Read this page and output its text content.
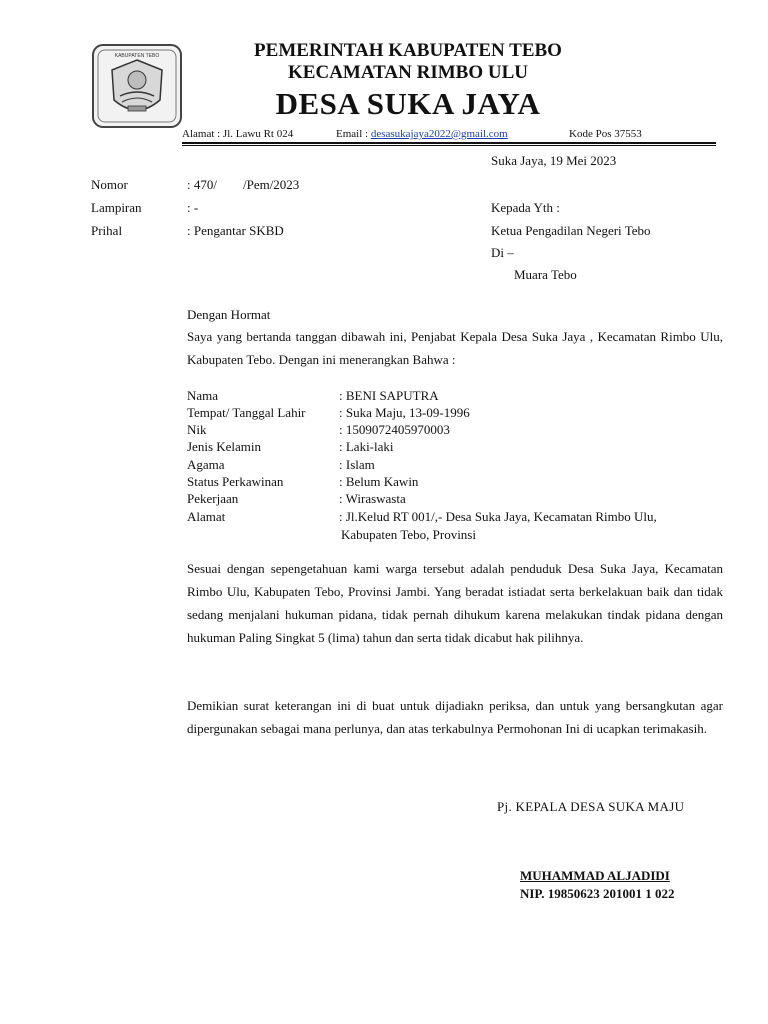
KABUPATEN TEBO	PEMERINTAH KABUPATEN TEBO
KECAMATAN RIMBO ULU
DESA SUKA JAYA
Alamat : Jl. Lawu Rt 024	Email : desasukajaya2022@gmail.com	Kode Pos 37553
Suka Jaya, 19 Mei 2023
Nomor	: 470/        /Pem/2023
Lampiran	: -
Prihal	: Pengantar SKBD
Kepada Yth :
Ketua Pengadilan Negeri Tebo
Di –
Muara Tebo
Dengan Hormat

Saya yang bertanda tanggan dibawah ini, Penjabat Kepala Desa Suka Jaya , Kecamatan Rimbo Ulu, Kabupaten Tebo. Dengan ini menerangkan Bahwa :

Nama	: BENI SAPUTRA
Tempat/ Tanggal Lahir	: Suka Maju, 13-09-1996
Nik	: 1509072405970003
Jenis Kelamin	: Laki-laki
Agama	: Islam
Status Perkawinan	: Belum Kawin
Pekerjaan	: Wiraswasta
Alamat	: Jl.Kelud RT 001/,- Desa Suka Jaya, Kecamatan Rimbo Ulu,
Kabupaten Tebo, Provinsi

Sesuai dengan sepengetahuan kami warga tersebut adalah penduduk Desa Suka Jaya, Kecamatan Rimbo Ulu, Kabupaten Tebo, Provinsi Jambi. Yang beradat istiadat serta berkelakuan baik dan tidak sedang menjalani hukuman pidana, tidak pernah dihukum karena melakukan tindak pidana dengan hukuman Paling Singkat 5 (lima) tahun dan serta tidak dicabut hak pilihnya.

Demikian surat keterangan ini di buat untuk dijadiakn periksa, dan untuk yang bersangkutan agar dipergunakan sebagai mana perlunya, dan atas terkabulnya Permohonan Ini di ucapkan terimakasih.

Pj. KEPALA DESA SUKA MAJU
MUHAMMAD ALJADIDI
NIP. 19850623 201001 1 022
